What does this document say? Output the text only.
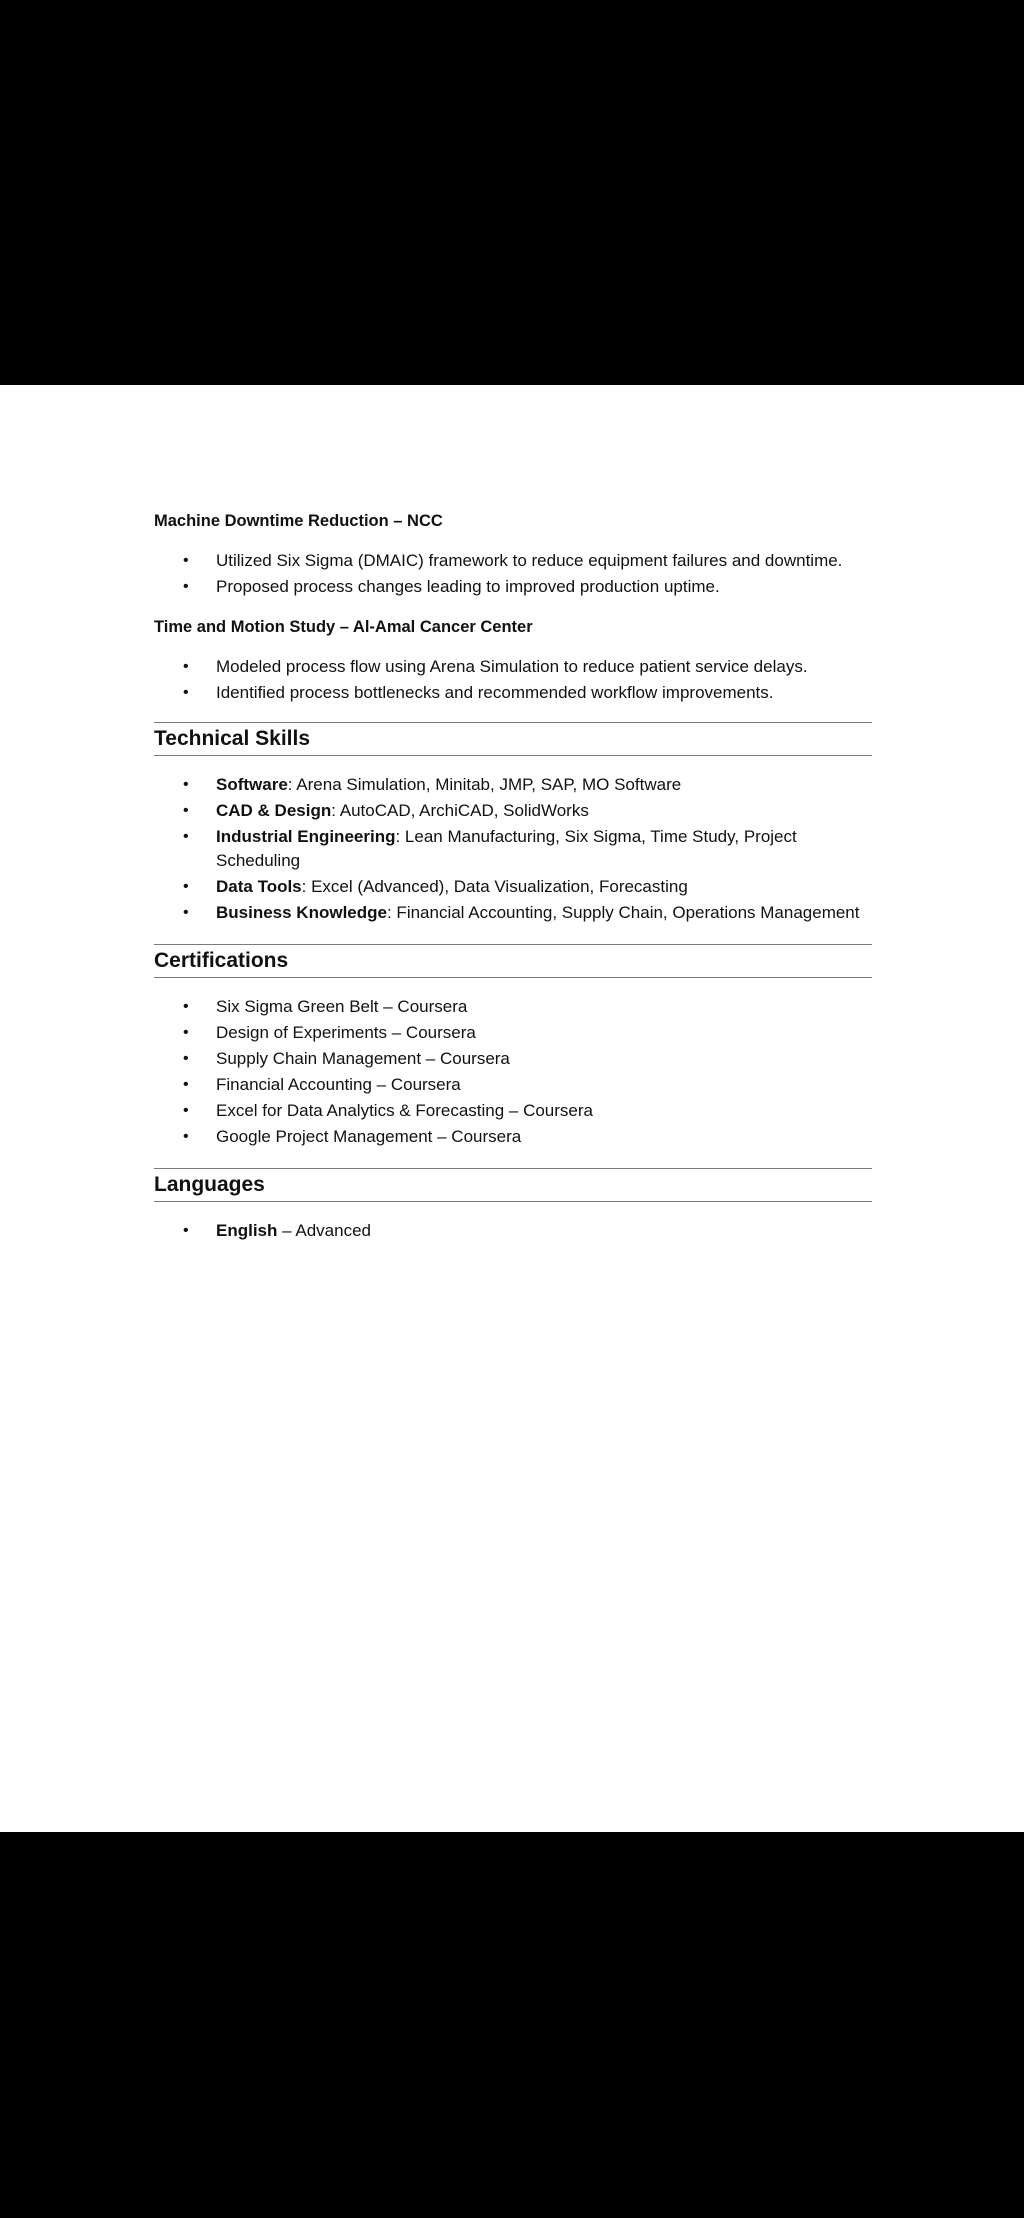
Machine Downtime Reduction – NCC

• Utilized Six Sigma (DMAIC) framework to reduce equipment failures and downtime.
• Proposed process changes leading to improved production uptime.

Time and Motion Study – Al-Amal Cancer Center

• Modeled process flow using Arena Simulation to reduce patient service delays.
• Identified process bottlenecks and recommended workflow improvements.
Technical Skills
• Software: Arena Simulation, Minitab, JMP, SAP, MO Software
• CAD & Design: AutoCAD, ArchiCAD, SolidWorks
• Industrial Engineering: Lean Manufacturing, Six Sigma, Time Study, Project Scheduling
• Data Tools: Excel (Advanced), Data Visualization, Forecasting
• Business Knowledge: Financial Accounting, Supply Chain, Operations Management
Certifications
• Six Sigma Green Belt – Coursera
• Design of Experiments – Coursera
• Supply Chain Management – Coursera
• Financial Accounting – Coursera
• Excel for Data Analytics & Forecasting – Coursera
• Google Project Management – Coursera
Languages
• English – Advanced
